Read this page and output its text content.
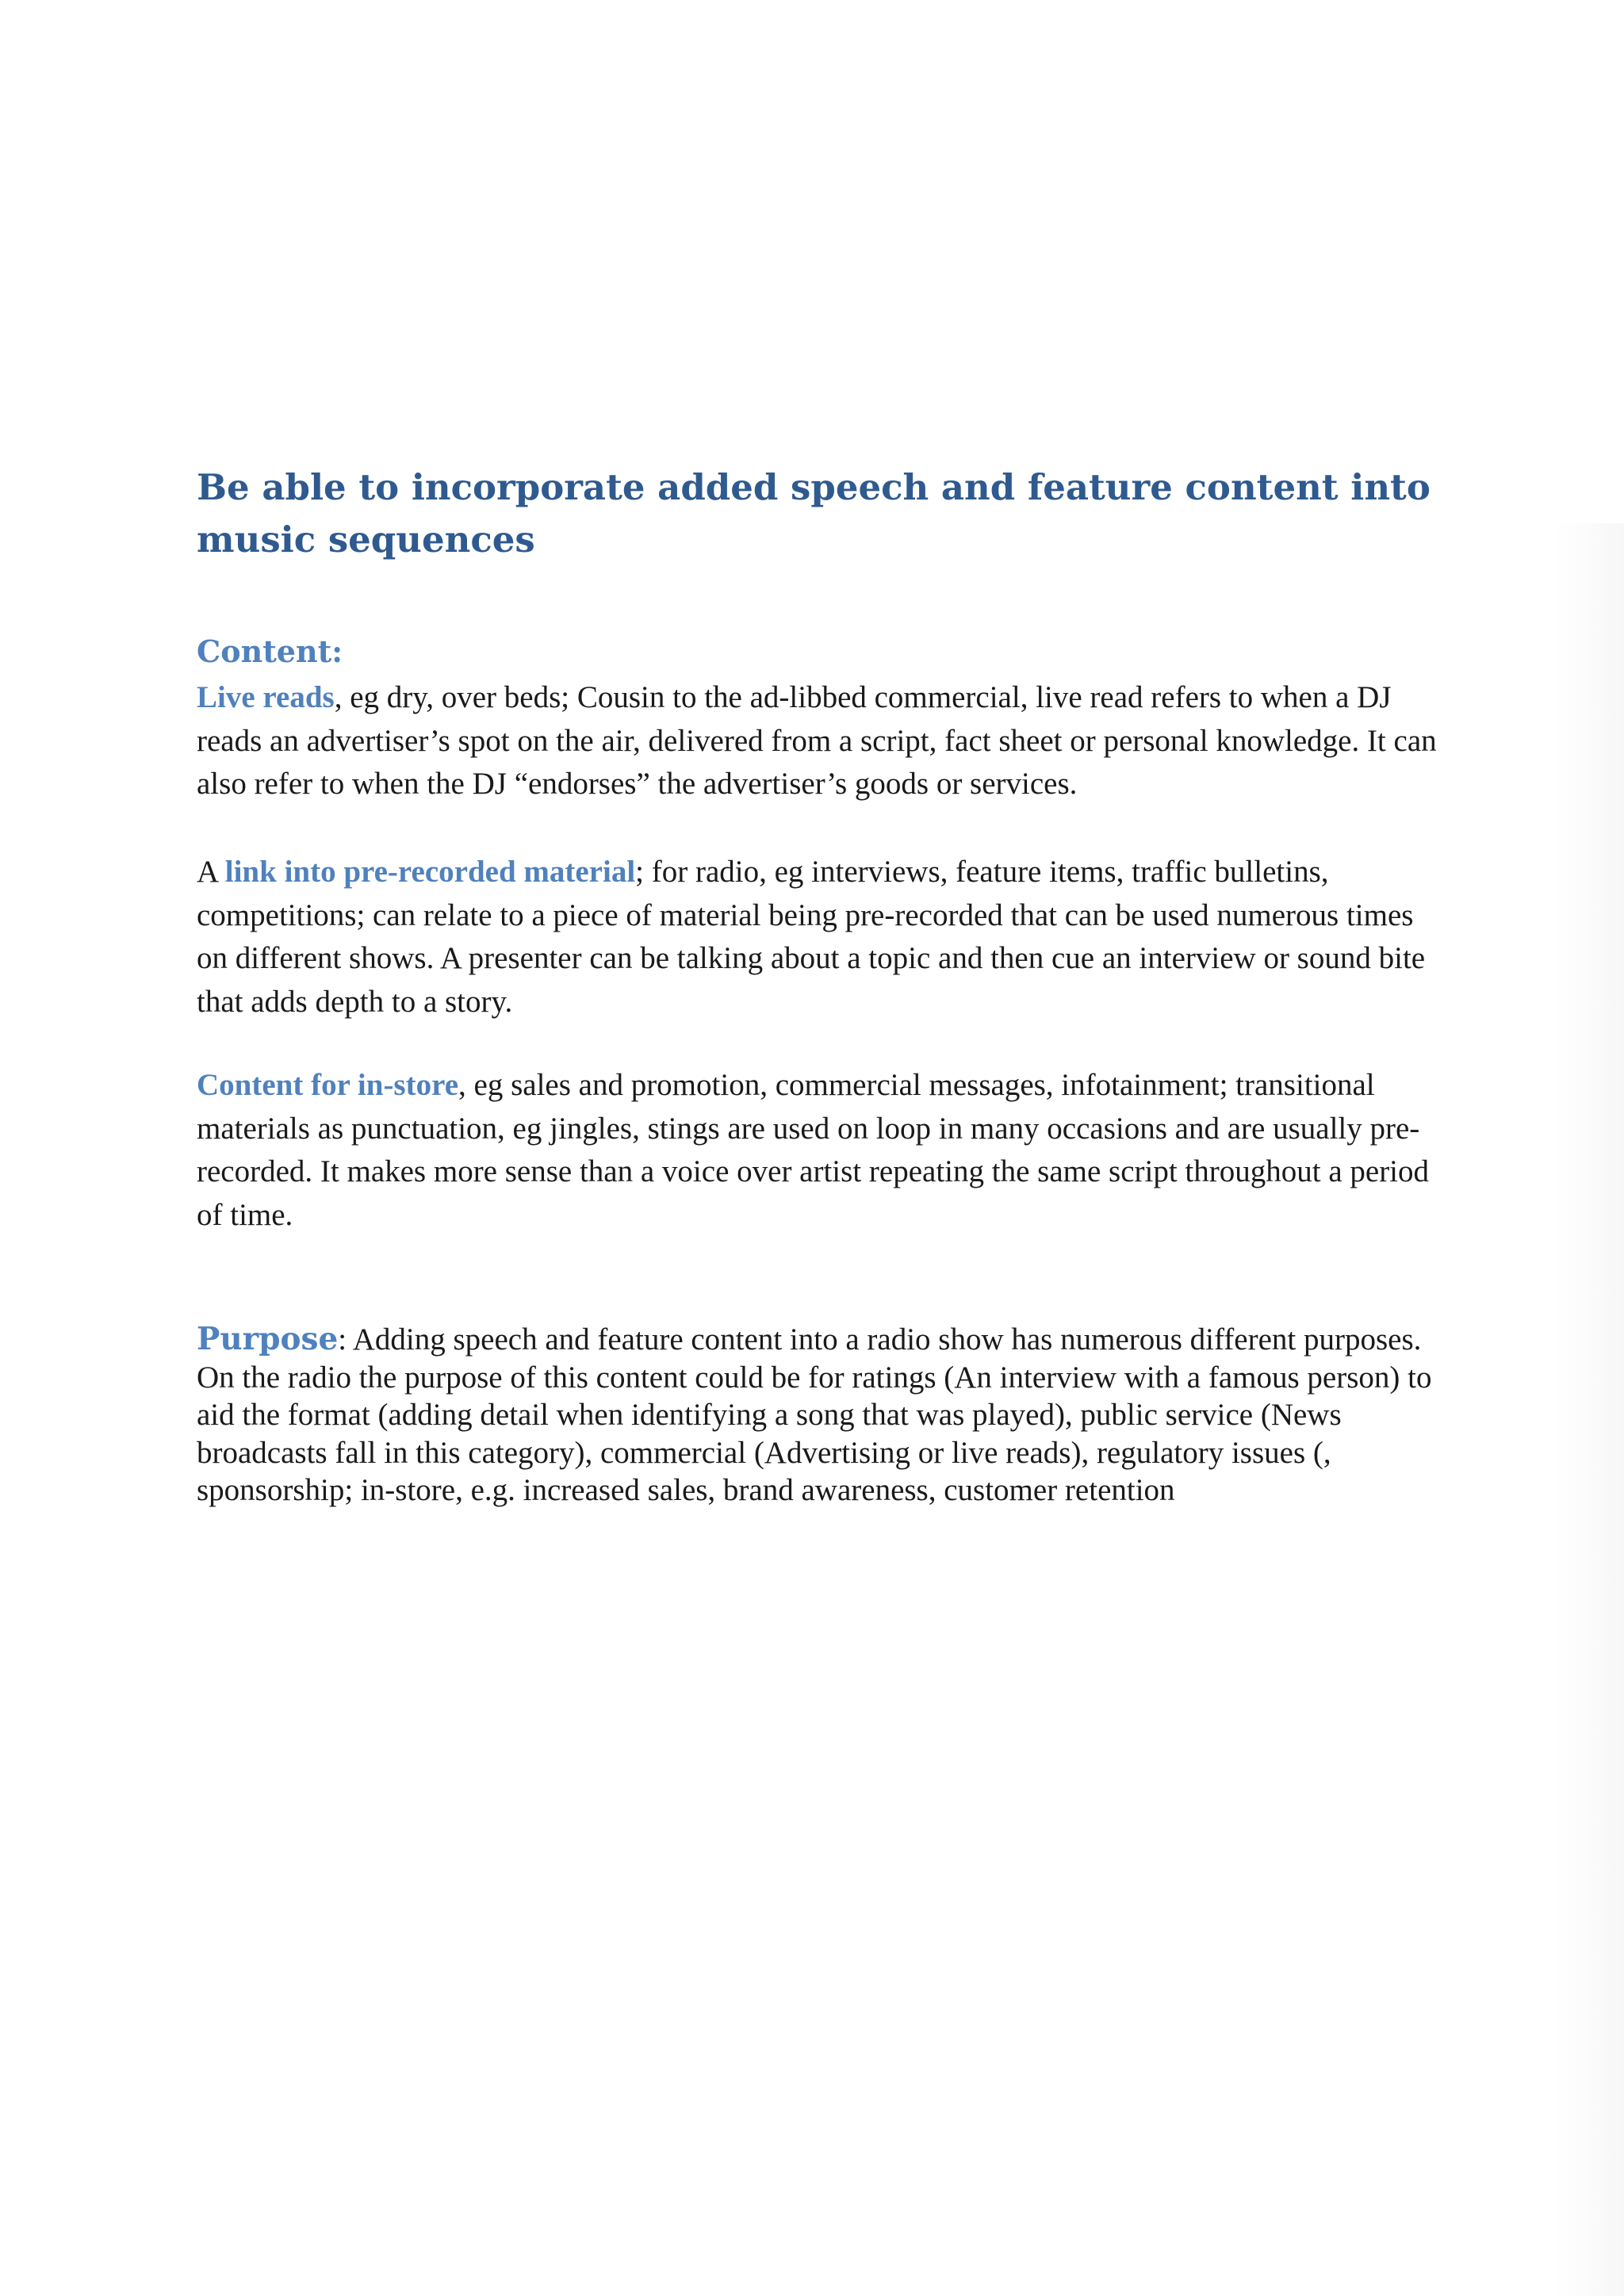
Be able to incorporate added speech and feature content into music sequences
Content:

Live reads, eg dry, over beds; Cousin to the ad-libbed commercial, live read refers to when a DJ reads an advertiser’s spot on the air, delivered from a script, fact sheet or personal knowledge. It can also refer to when the DJ “endorses” the advertiser’s goods or services.

A link into pre-recorded material; for radio, eg interviews, feature items, traffic bulletins, competitions; can relate to a piece of material being pre-recorded that can be used numerous times on different shows. A presenter can be talking about a topic and then cue an interview or sound bite that adds depth to a story.

Content for in-store, eg sales and promotion, commercial messages, infotainment; transitional materials as punctuation, eg jingles, stings are used on loop in many occasions and are usually pre-recorded. It makes more sense than a voice over artist repeating the same script throughout a period of time.

Purpose: Adding speech and feature content into a radio show has numerous different purposes. On the radio the purpose of this content could be for ratings (An interview with a famous person) to aid the format (adding detail when identifying a song that was played), public service (News broadcasts fall in this category), commercial (Advertising or live reads), regulatory issues (, sponsorship; in-store, e.g. increased sales, brand awareness, customer retention
